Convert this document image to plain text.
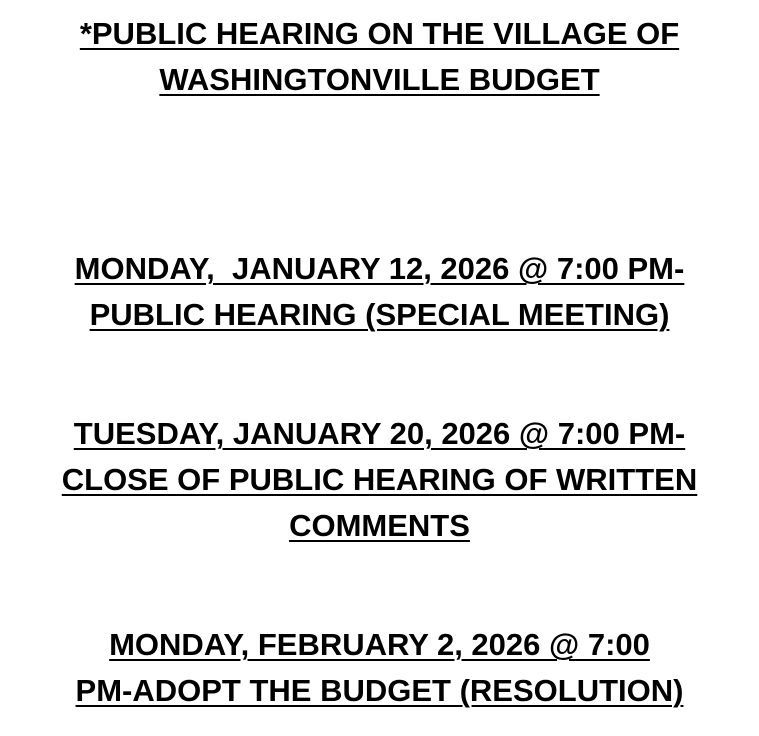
*PUBLIC HEARING ON THE VILLAGE OF
WASHINGTONVILLE BUDGET
MONDAY,  JANUARY 12, 2026 @ 7:00 PM-
PUBLIC HEARING (SPECIAL MEETING)
TUESDAY, JANUARY 20, 2026 @ 7:00 PM-
CLOSE OF PUBLIC HEARING OF WRITTEN
COMMENTS
MONDAY, FEBRUARY 2, 2026 @ 7:00
PM-ADOPT THE BUDGET (RESOLUTION)
